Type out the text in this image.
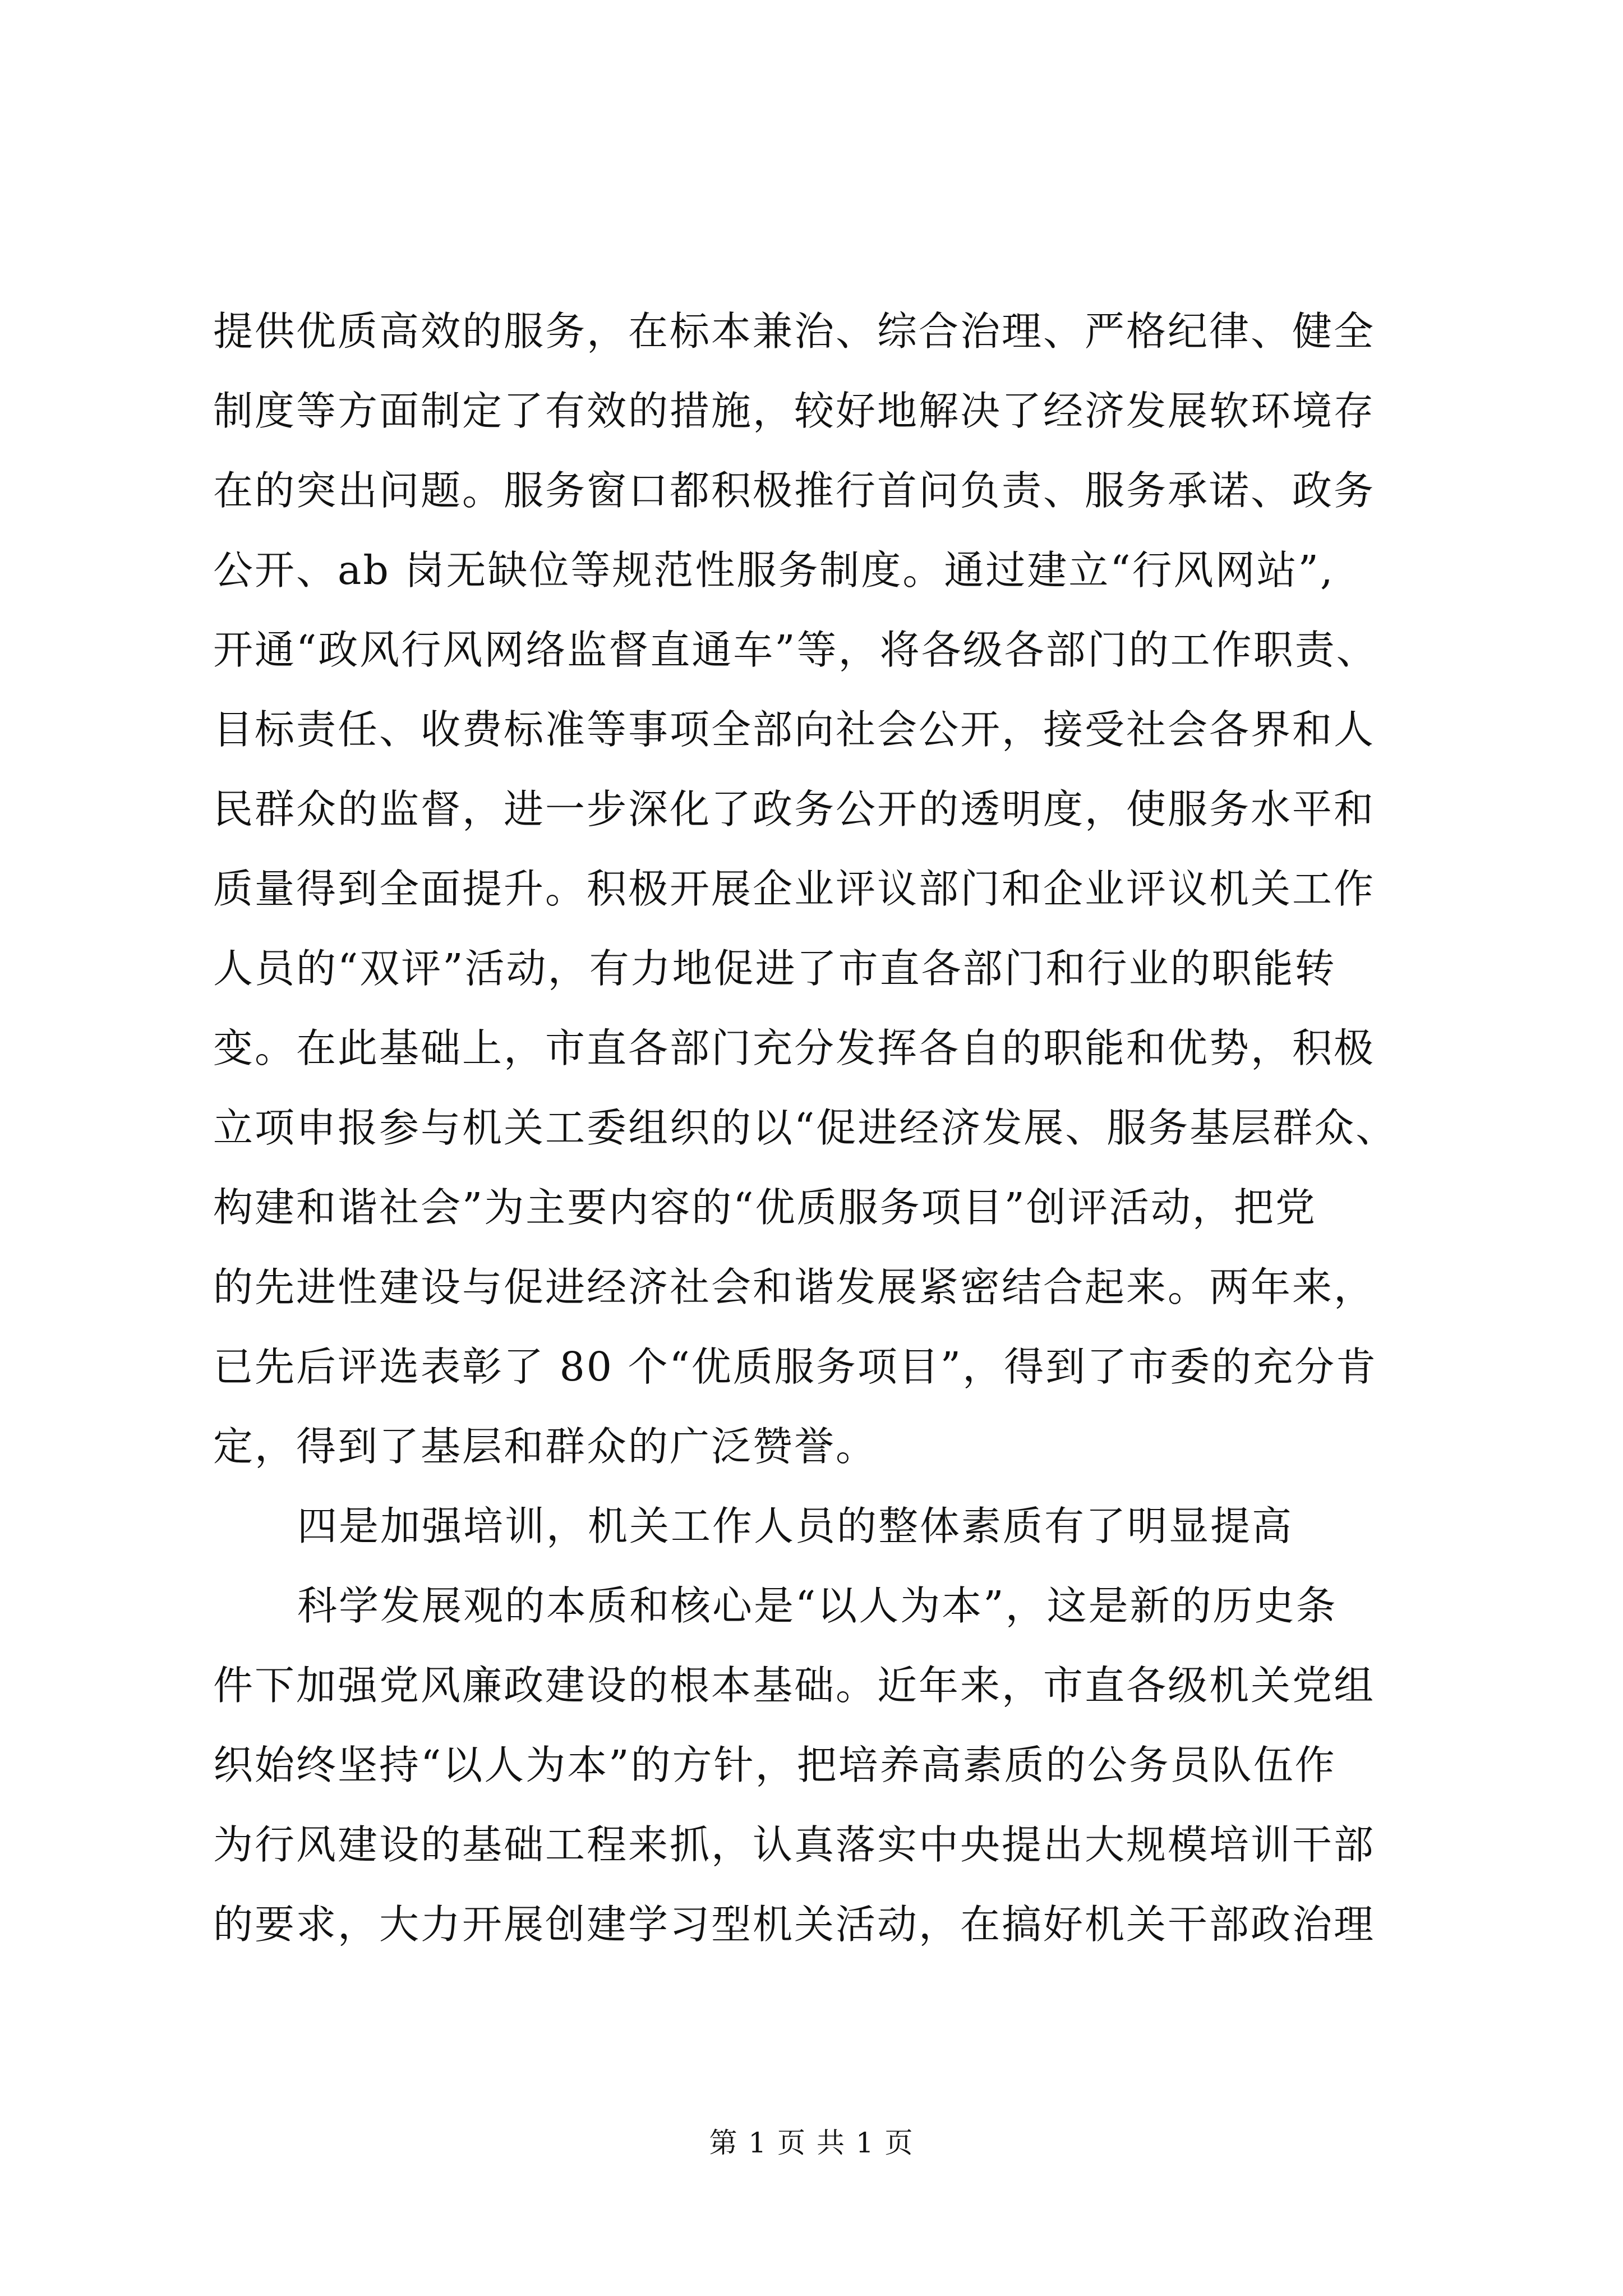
提供优质高效的服务，在标本兼治、综合治理、严格纪律、健全
制度等方面制定了有效的措施，较好地解决了经济发展软环境存
在的突出问题。服务窗口都积极推行首问负责、服务承诺、政务
公开、ab 岗无缺位等规范性服务制度。通过建立“行风网站”,
开通“政风行风网络监督直通车”等，将各级各部门的工作职责、
目标责任、收费标准等事项全部向社会公开，接受社会各界和人
民群众的监督，进一步深化了政务公开的透明度，使服务水平和
质量得到全面提升。积极开展企业评议部门和企业评议机关工作
人员的“双评”活动，有力地促进了市直各部门和行业的职能转
变。在此基础上，市直各部门充分发挥各自的职能和优势，积极
立项申报参与机关工委组织的以“促进经济发展、服务基层群众、
构建和谐社会”为主要内容的“优质服务项目”创评活动，把党
的先进性建设与促进经济社会和谐发展紧密结合起来。两年来，
已先后评选表彰了 80 个“优质服务项目”，得到了市委的充分肯
定，得到了基层和群众的广泛赞誉。
四是加强培训，机关工作人员的整体素质有了明显提高
科学发展观的本质和核心是“以人为本”，这是新的历史条
件下加强党风廉政建设的根本基础。近年来，市直各级机关党组
织始终坚持“以人为本”的方针，把培养高素质的公务员队伍作
为行风建设的基础工程来抓，认真落实中央提出大规模培训干部
的要求，大力开展创建学习型机关活动，在搞好机关干部政治理
第 1 页 共 1 页
